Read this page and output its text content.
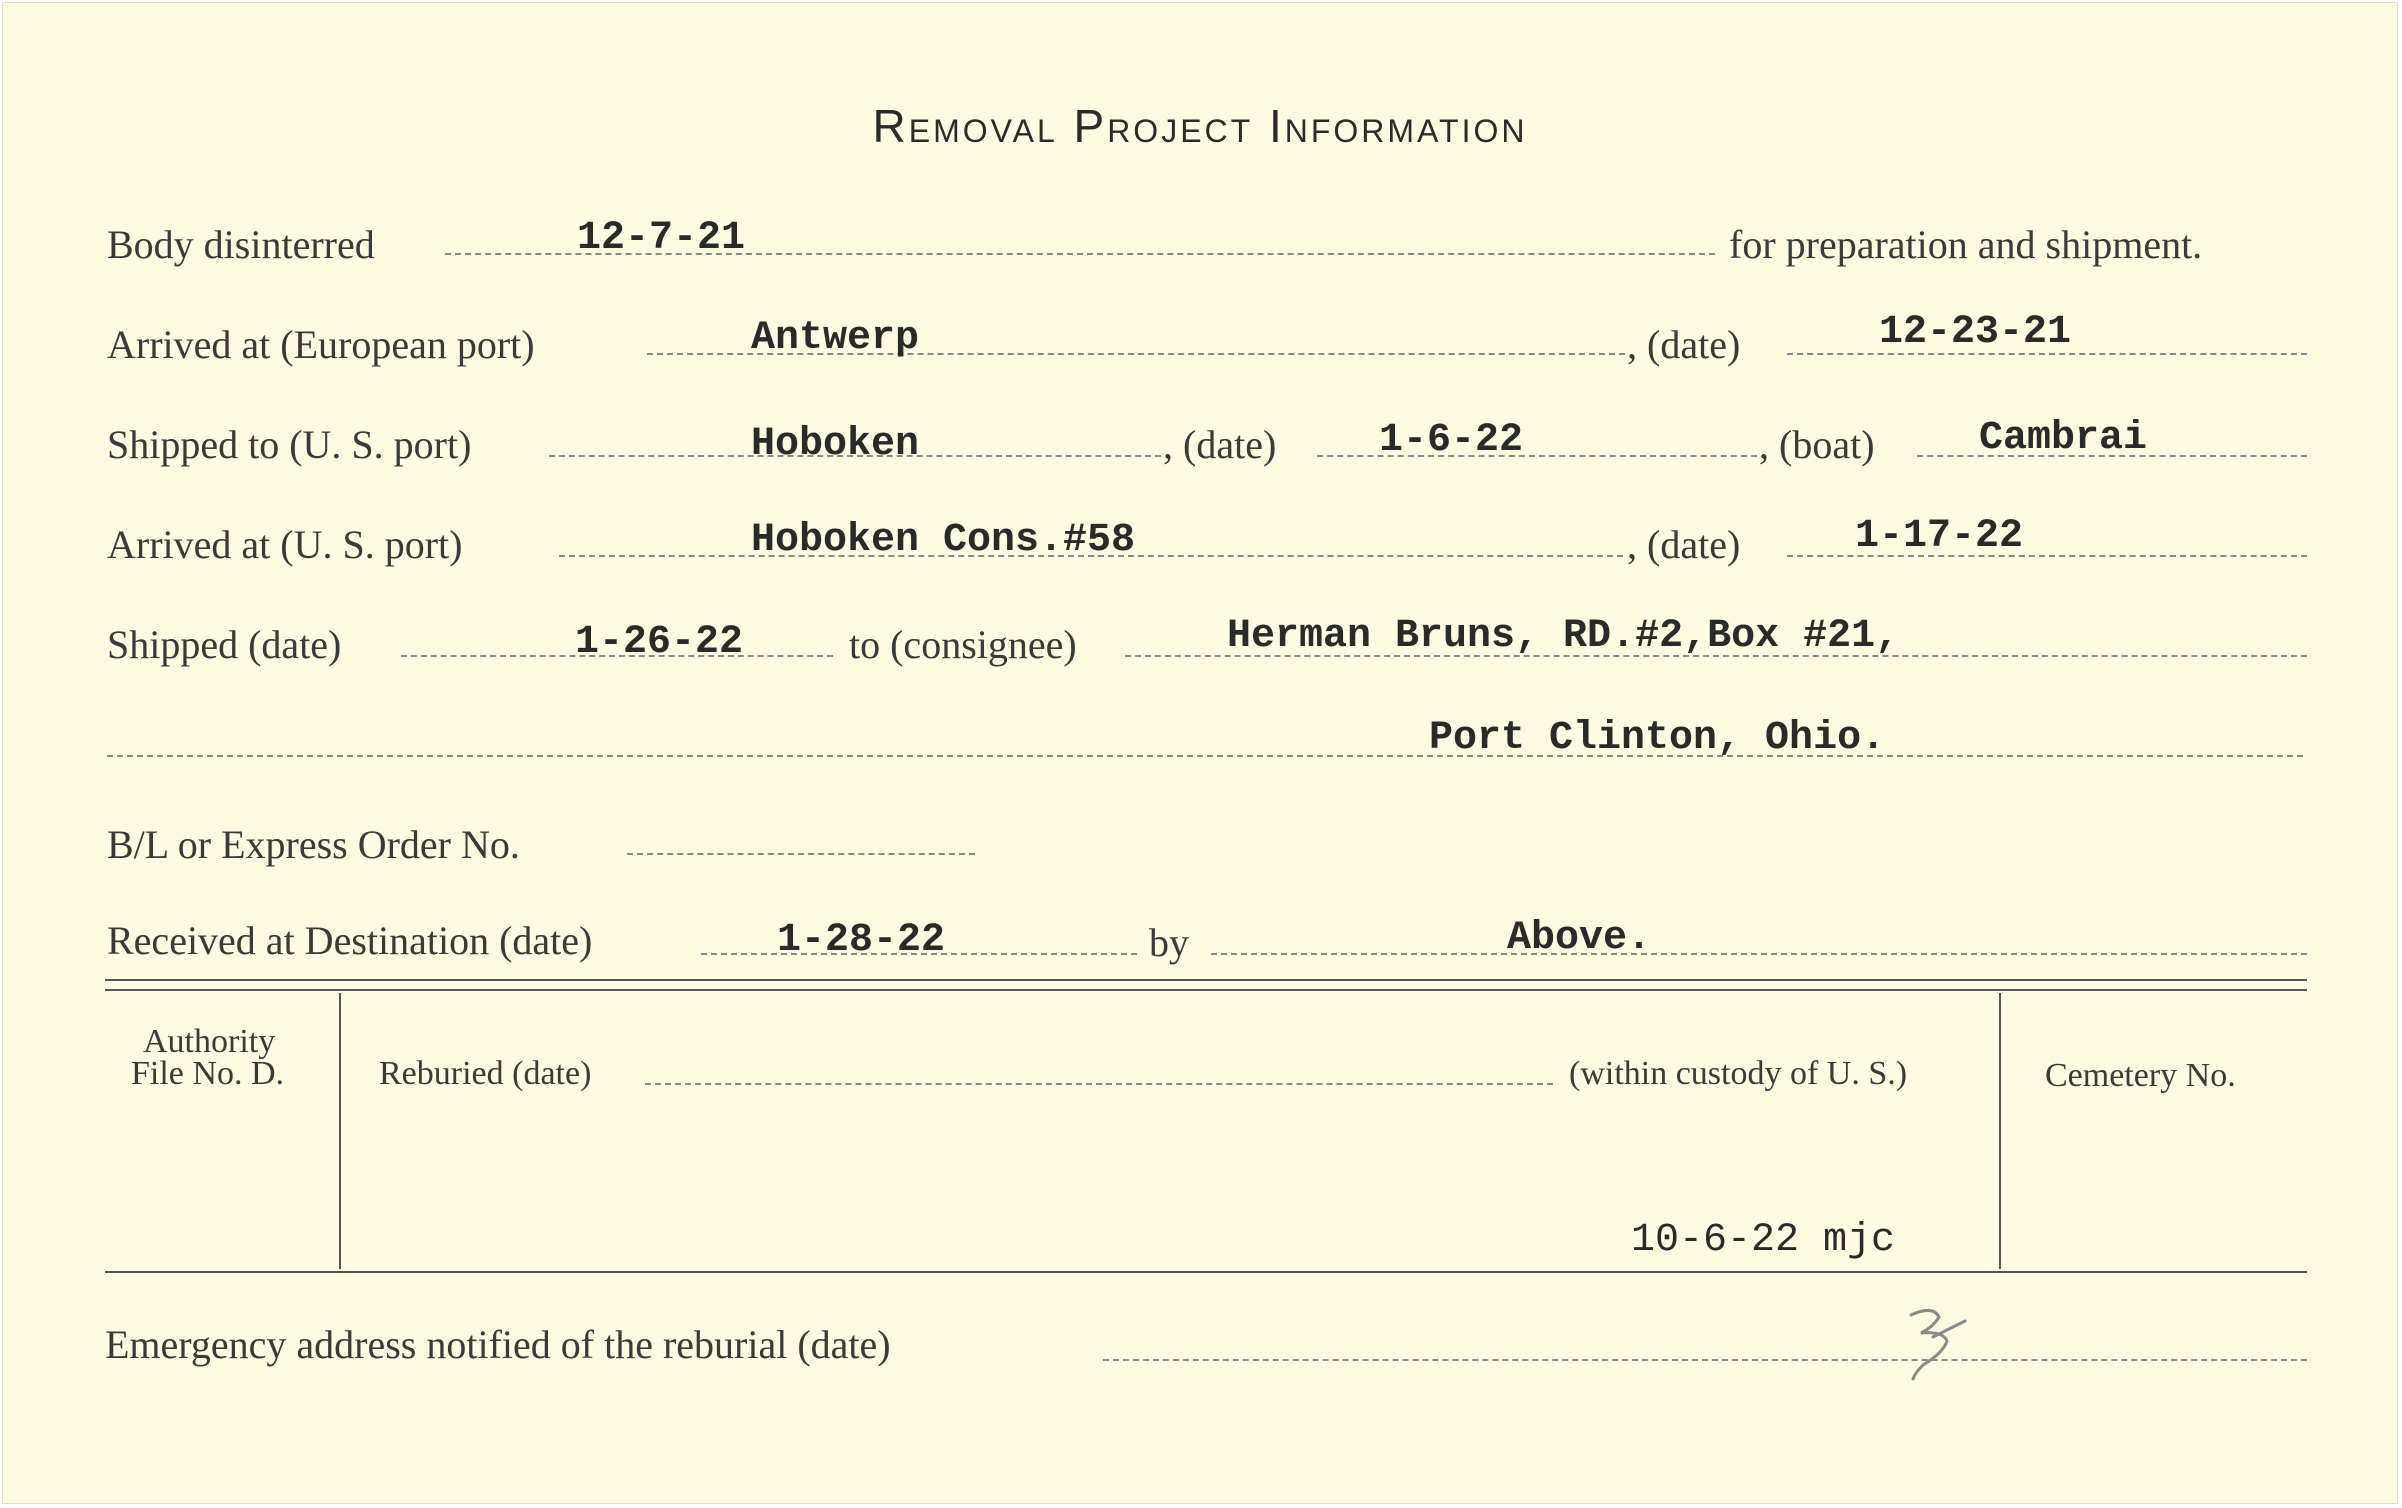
Removal Project Information
Body disinterred	12-7-21	for preparation and shipment.
Arrived at (European port)	Antwerp	, (date)	12-23-21
Shipped to (U. S. port)	Hoboken	, (date)	1-6-22	, (boat)	Cambrai
Arrived at (U. S. port)	Hoboken Cons.#58	, (date)	1-17-22
Shipped (date)	1-26-22	to (consignee)	Herman Bruns, RD.#2,Box #21,
Port Clinton, Ohio.
B/L or Express Order No.
Received at Destination (date)	1-28-22	by	Above.
Authority
File No. D.	Reburied (date)	(within custody of U. S.)	Cemetery No.
10-6-22 mjc
Emergency address notified of the reburial (date)
